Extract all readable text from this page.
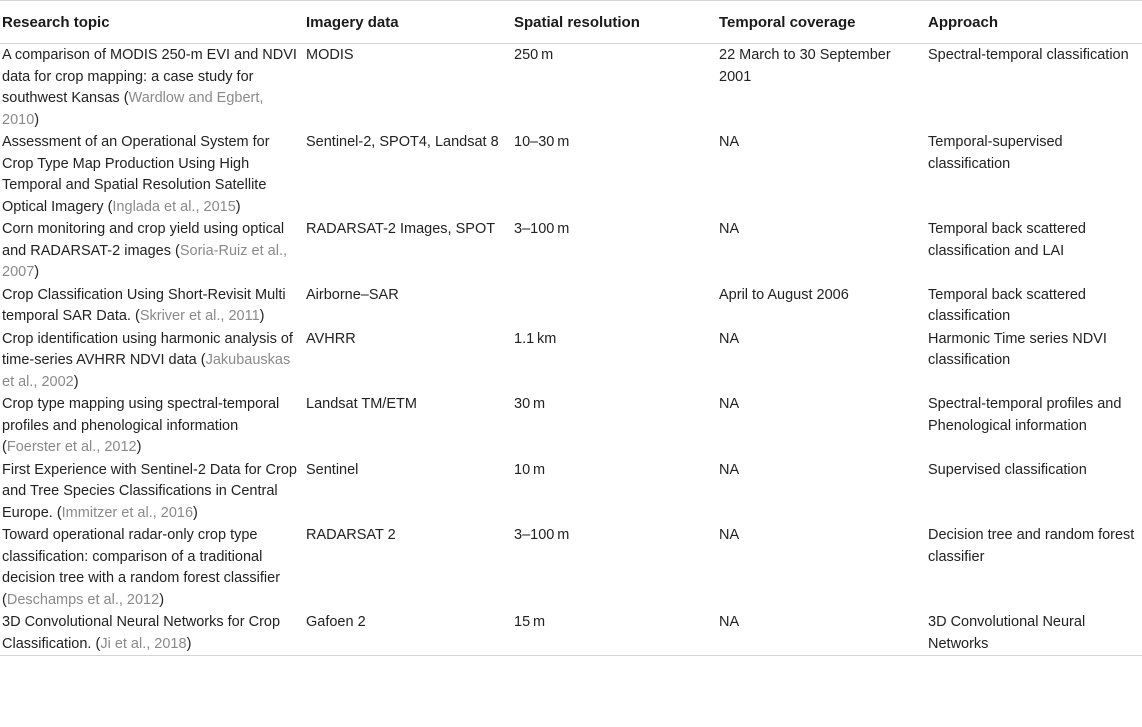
Research topic	Imagery data	Spatial resolution	Temporal coverage	Approach
A comparison of MODIS 250-m EVI and NDVI data for crop mapping: a case study for southwest Kansas (Wardlow and Egbert, 2010)	MODIS	250 m	22 March to 30 September 2001	Spectral-temporal classification
Assessment of an Operational System for Crop Type Map Production Using High Temporal and Spatial Resolution Satellite Optical Imagery (Inglada et al., 2015)	Sentinel-2, SPOT4, Landsat 8	10–30 m	NA	Temporal-supervised classification
Corn monitoring and crop yield using optical and RADARSAT-2 images (Soria-Ruiz et al., 2007)	RADARSAT-2 Images, SPOT	3–100 m	NA	Temporal back scattered classification and LAI
Crop Classification Using Short-Revisit Multi temporal SAR Data. (Skriver et al., 2011)	Airborne–SAR		April to August 2006	Temporal back scattered classification
Crop identification using harmonic analysis of time-series AVHRR NDVI data (Jakubauskas et al., 2002)	AVHRR	1.1 km	NA	Harmonic Time series NDVI classification
Crop type mapping using spectral-temporal profiles and phenological information (Foerster et al., 2012)	Landsat TM/ETM	30 m	NA	Spectral-temporal profiles and Phenological information
First Experience with Sentinel-2 Data for Crop and Tree Species Classifications in Central Europe. (Immitzer et al., 2016)	Sentinel	10 m	NA	Supervised classification
Toward operational radar-only crop type classification: comparison of a traditional decision tree with a random forest classifier (Deschamps et al., 2012)	RADARSAT 2	3–100 m	NA	Decision tree and random forest classifier
3D Convolutional Neural Networks for Crop Classification. (Ji et al., 2018)	Gafoen 2	15 m	NA	3D Convolutional Neural Networks
